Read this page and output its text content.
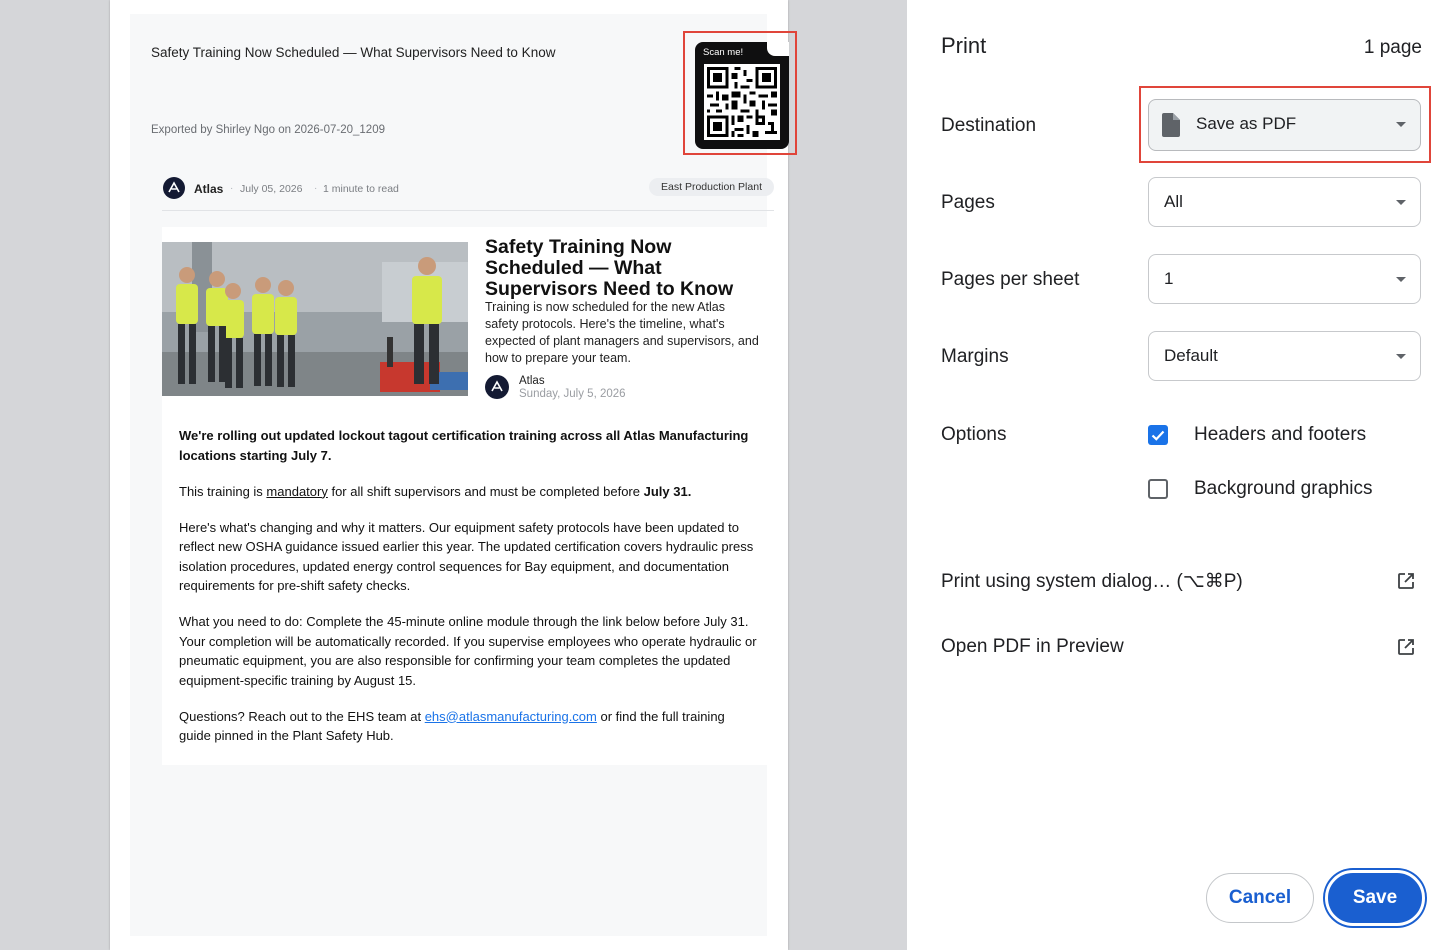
Safety Training Now Scheduled — What Supervisors Need to Know
Exported by Shirley Ngo on 2026-07-20_1209
Scan me!
Atlas · July 05, 2026 · 1 minute to read	East Production Plant
Safety Training Now Scheduled — What Supervisors Need to Know
Training is now scheduled for the new Atlas safety protocols. Here's the timeline, what's expected of plant managers and supervisors, and how to prepare your team.
Atlas
Sunday, July 5, 2026

We're rolling out updated lockout tagout certification training across all Atlas Manufacturing locations starting July 7.

This training is mandatory for all shift supervisors and must be completed before July 31.

Here's what's changing and why it matters. Our equipment safety protocols have been updated to reflect new OSHA guidance issued earlier this year. The updated certification covers hydraulic press isolation procedures, updated energy control sequences for Bay equipment, and documentation requirements for pre-shift safety checks.

What you need to do: Complete the 45-minute online module through the link below before July 31. Your completion will be automatically recorded. If you supervise employees who operate hydraulic or pneumatic equipment, you are also responsible for confirming your team completes the updated equipment-specific training by August 15.

Questions? Reach out to the EHS team at ehs@atlasmanufacturing.com or find the full training guide pinned in the Plant Safety Hub.

Print	1 page
Destination	Save as PDF
Pages	All
Pages per sheet	1
Margins	Default
Options	Headers and footers
Background graphics
Print using system dialog… (⌥⌘P)
Open PDF in Preview
Cancel	Save
